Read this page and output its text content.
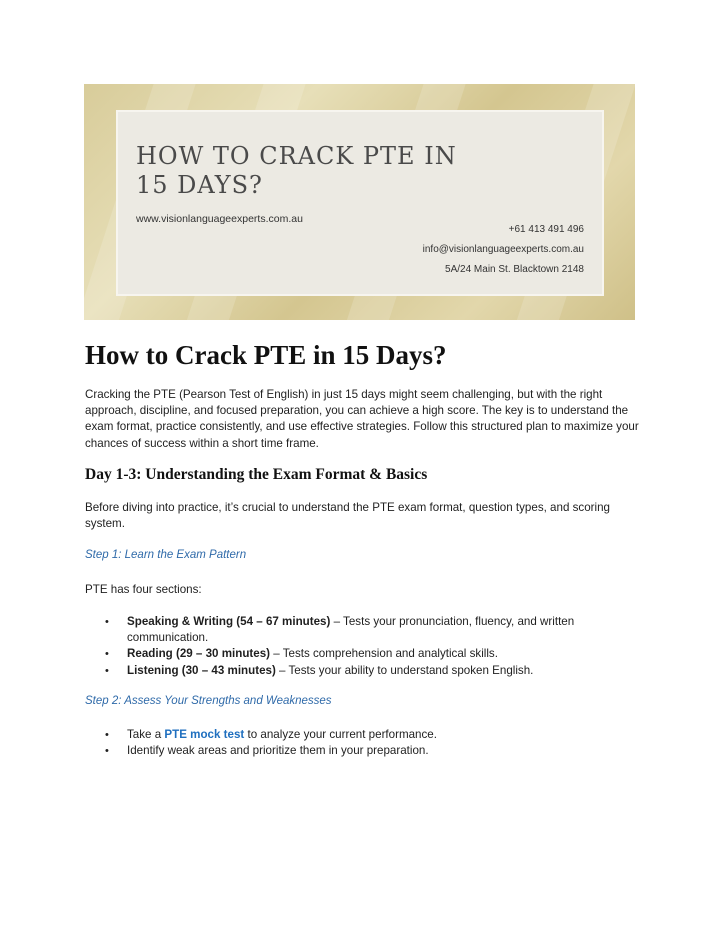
HOW TO CRACK PTE IN 15 DAYS?
www.visionlanguageexperts.com.au
+61 413 491 496
info@visionlanguageexperts.com.au
5A/24 Main St. Blacktown 2148
How to Crack PTE in 15 Days?

Cracking the PTE (Pearson Test of English) in just 15 days might seem challenging, but with the right approach, discipline, and focused preparation, you can achieve a high score. The key is to understand the exam format, practice consistently, and use effective strategies. Follow this structured plan to maximize your chances of success within a short time frame.

Day 1-3: Understanding the Exam Format & Basics

Before diving into practice, it’s crucial to understand the PTE exam format, question types, and scoring system.

Step 1: Learn the Exam Pattern

PTE has four sections:

• Speaking & Writing (54 – 67 minutes) – Tests your pronunciation, fluency, and written communication.
• Reading (29 – 30 minutes) – Tests comprehension and analytical skills.
• Listening (30 – 43 minutes) – Tests your ability to understand spoken English.

Step 2: Assess Your Strengths and Weaknesses

• Take a PTE mock test to analyze your current performance.
• Identify weak areas and prioritize them in your preparation.
